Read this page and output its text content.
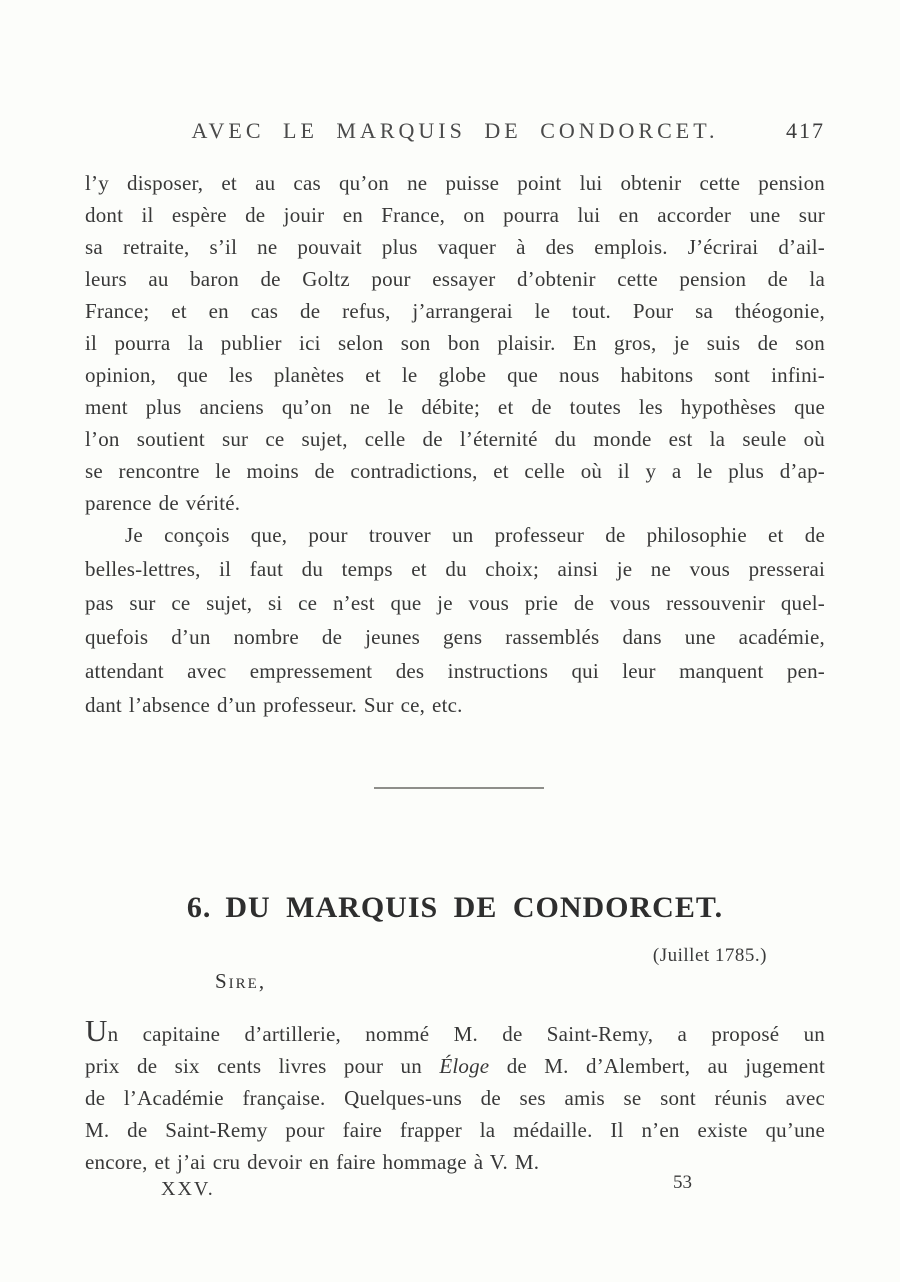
AVEC LE MARQUIS DE CONDORCET.	417
l’y disposer, et au cas qu’on ne puisse point lui obtenir cette pension
dont il espère de jouir en France, on pourra lui en accorder une sur
sa retraite, s’il ne pouvait plus vaquer à des emplois. J’écrirai d’ail-
leurs au baron de Goltz pour essayer d’obtenir cette pension de la
France; et en cas de refus, j’arrangerai le tout. Pour sa théogonie,
il pourra la publier ici selon son bon plaisir. En gros, je suis de son
opinion, que les planètes et le globe que nous habitons sont infini-
ment plus anciens qu’on ne le débite; et de toutes les hypothèses que
l’on soutient sur ce sujet, celle de l’éternité du monde est la seule où
se rencontre le moins de contradictions, et celle où il y a le plus d’ap-
parence de vérité.
Je conçois que, pour trouver un professeur de philosophie et de
belles-lettres, il faut du temps et du choix; ainsi je ne vous presserai
pas sur ce sujet, si ce n’est que je vous prie de vous ressouvenir quel-
quefois d’un nombre de jeunes gens rassemblés dans une académie,
attendant avec empressement des instructions qui leur manquent pen-
dant l’absence d’un professeur. Sur ce, etc.
6. DU MARQUIS DE CONDORCET.
(Juillet 1785.)
Sire,
Un capitaine d’artillerie, nommé M. de Saint-Remy, a proposé un
prix de six cents livres pour un Éloge de M. d’Alembert, au jugement
de l’Académie française. Quelques-uns de ses amis se sont réunis avec
M. de Saint-Remy pour faire frapper la médaille. Il n’en existe qu’une
encore, et j’ai cru devoir en faire hommage à V. M.
XXV.	53
